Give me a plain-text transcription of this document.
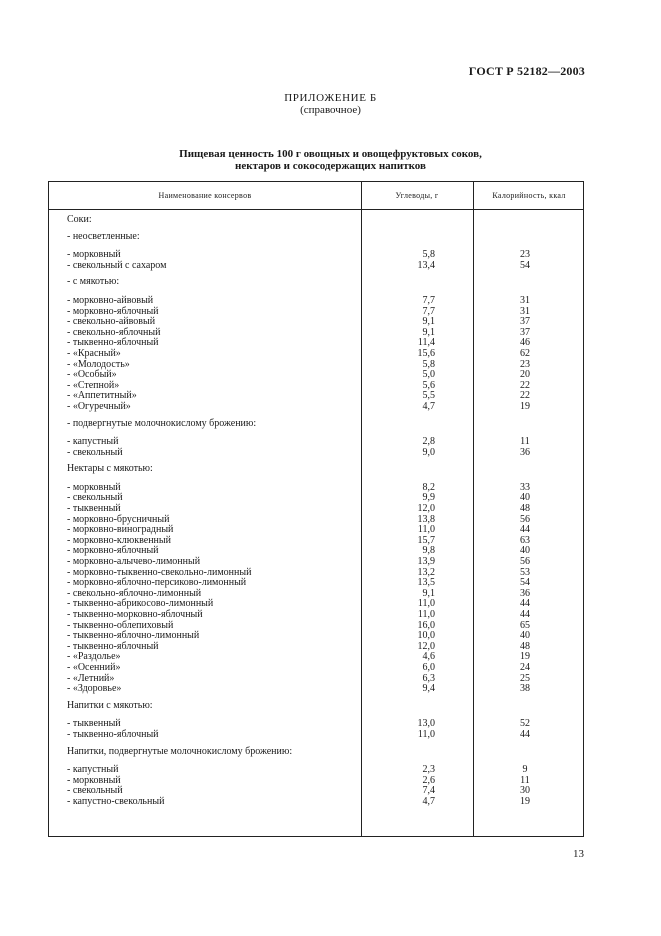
ГОСТ Р 52182—2003
ПРИЛОЖЕНИЕ Б
(справочное)
Пищевая ценность 100 г овощных и овощефруктовых соков,
нектаров и сокосодержащих напитков
Наименование консервов	Углеводы, г	Калорийность, ккал
Соки:
- неосветленные:
- морковный	5,8	23
- свекольный с сахаром	13,4	54
- с мякотью:
- морковно-айвовый	7,7	31
- морковно-яблочный	7,7	31
- свекольно-айвовый	9,1	37
- свекольно-яблочный	9,1	37
- тыквенно-яблочный	11,4	46
- «Красный»	15,6	62
- «Молодость»	5,8	23
- «Особый»	5,0	20
- «Степной»	5,6	22
- «Аппетитный»	5,5	22
- «Огуречный»	4,7	19
- подвергнутые молочнокислому брожению:
- капустный	2,8	11
- свекольный	9,0	36
Нектары с мякотью:
- морковный	8,2	33
- свекольный	9,9	40
- тыквенный	12,0	48
- морковно-брусничный	13,8	56
- морковно-виноградный	11,0	44
- морковно-клюквенный	15,7	63
- морковно-яблочный	9,8	40
- морковно-алычево-лимонный	13,9	56
- морковно-тыквенно-свекольно-лимонный	13,2	53
- морковно-яблочно-персиково-лимонный	13,5	54
- свекольно-яблочно-лимонный	9,1	36
- тыквенно-абрикосово-лимонный	11,0	44
- тыквенно-морковно-яблочный	11,0	44
- тыквенно-облепиховый	16,0	65
- тыквенно-яблочно-лимонный	10,0	40
- тыквенно-яблочный	12,0	48
- «Раздолье»	4,6	19
- «Осенний»	6,0	24
- «Летний»	6,3	25
- «Здоровье»	9,4	38
Напитки с мякотью:
- тыквенный	13,0	52
- тыквенно-яблочный	11,0	44
Напитки, подвергнутые молочнокислому брожению:
- капустный	2,3	9
- морковный	2,6	11
- свекольный	7,4	30
- капустно-свекольный	4,7	19
13
